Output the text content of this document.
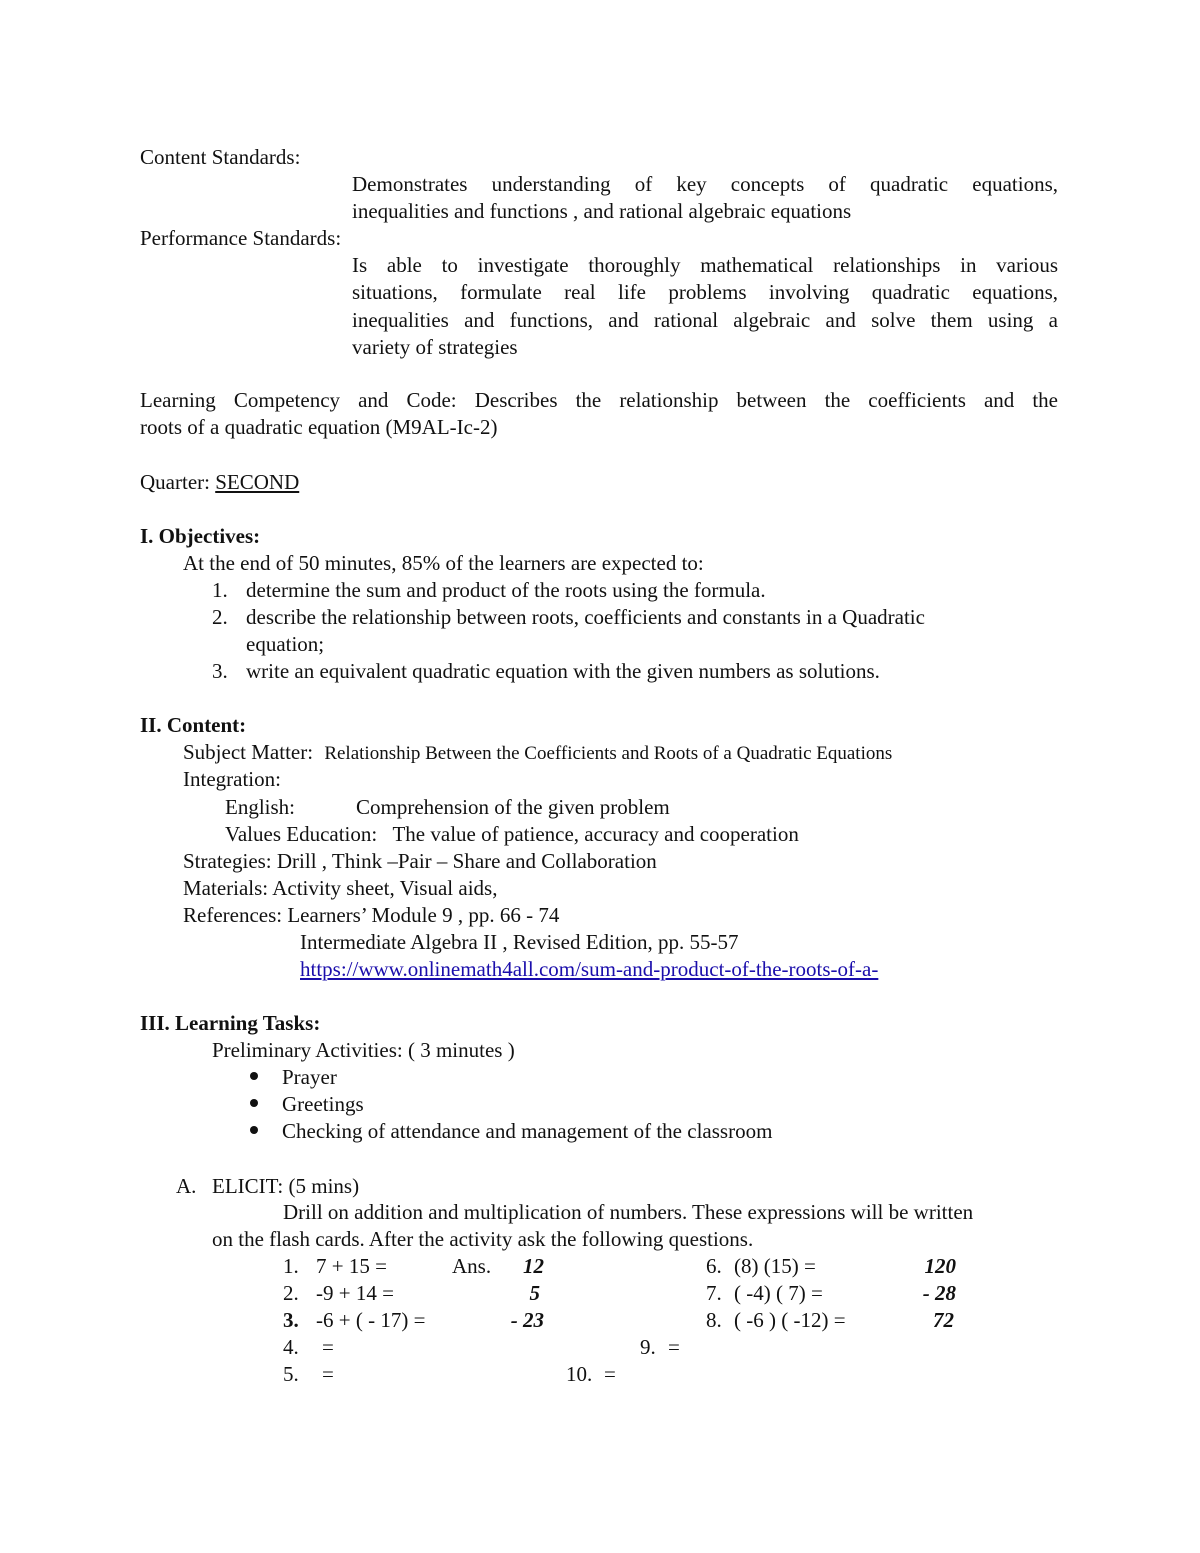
Content Standards:
Demonstrates understanding of key concepts of quadratic equations,
inequalities and functions , and rational algebraic equations
Performance Standards:
Is able to investigate thoroughly mathematical relationships in various
situations, formulate real life problems involving quadratic equations,
inequalities and functions, and rational algebraic and solve them using a
variety of strategies
Learning Competency and Code: Describes the relationship between the coefficients and the
roots of a quadratic equation (M9AL-Ic-2)
Quarter: SECOND
I. Objectives:
At the end of 50 minutes, 85% of the learners are expected to:
1. determine the sum and product of the roots using the formula.
2. describe the relationship between roots, coefficients and constants in a Quadratic
equation;
3. write an equivalent quadratic equation with the given numbers as solutions.
II. Content:
Subject Matter: Relationship Between the Coefficients and Roots of a Quadratic Equations
Integration:
English:	Comprehension of the given problem
Values Education: The value of patience, accuracy and cooperation
Strategies: Drill , Think –Pair – Share and Collaboration
Materials: Activity sheet, Visual aids,
References: Learners’ Module 9 , pp. 66 - 74
Intermediate Algebra II , Revised Edition, pp. 55-57
https://www.onlinemath4all.com/sum-and-product-of-the-roots-of-a-
III. Learning Tasks:
Preliminary Activities: ( 3 minutes )
Prayer
Greetings
Checking of attendance and management of the classroom
A. ELICIT: (5 mins)
Drill on addition and multiplication of numbers. These expressions will be written
on the flash cards. After the activity ask the following questions.
1. 7 + 15 =	Ans.	12
2. -9 + 14 =	5
3. -6 + ( - 17) =	- 23
4. =
5. =
6. (8) (15) =	120
7. ( -4) ( 7) =	- 28
8. ( -6 ) ( -12) =	72
9. =
10. =
